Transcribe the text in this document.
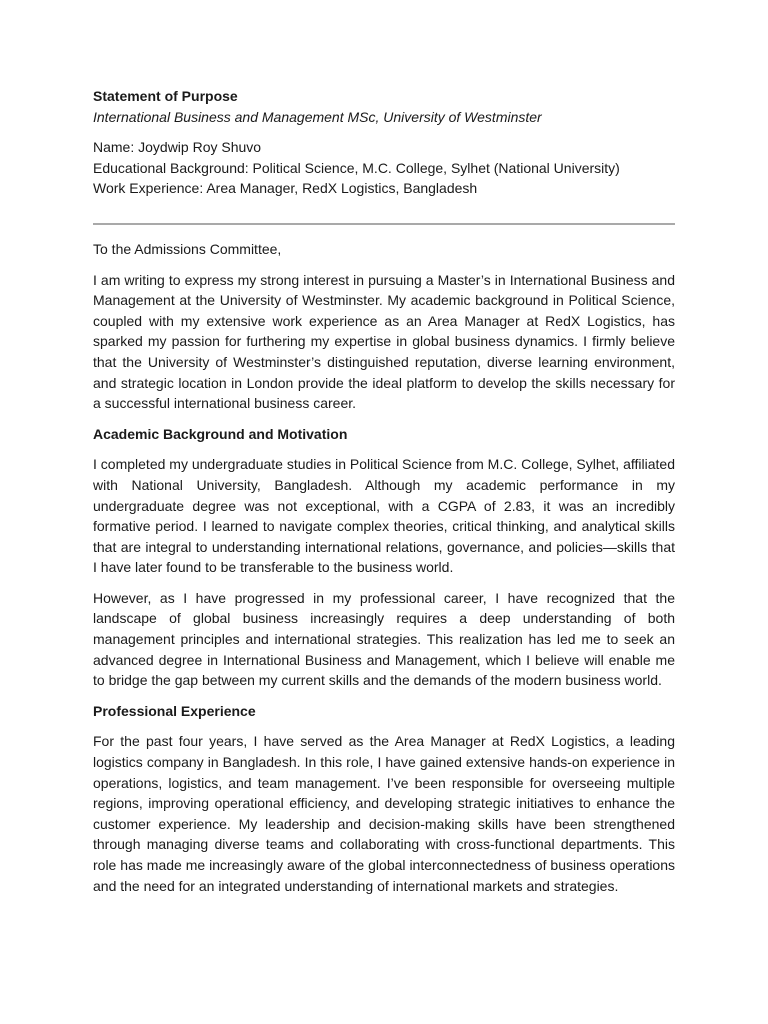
Statement of Purpose

International Business and Management MSc, University of Westminster

Name: Joydwip Roy Shuvo

Educational Background: Political Science, M.C. College, Sylhet (National University)

Work Experience: Area Manager, RedX Logistics, Bangladesh

To the Admissions Committee,

I am writing to express my strong interest in pursuing a Master’s in International Business and Management at the University of Westminster. My academic background in Political Science, coupled with my extensive work experience as an Area Manager at RedX Logistics, has sparked my passion for furthering my expertise in global business dynamics. I firmly believe that the University of Westminster’s distinguished reputation, diverse learning environment, and strategic location in London provide the ideal platform to develop the skills necessary for a successful international business career.

Academic Background and Motivation

I completed my undergraduate studies in Political Science from M.C. College, Sylhet, affiliated with National University, Bangladesh. Although my academic performance in my undergraduate degree was not exceptional, with a CGPA of 2.83, it was an incredibly formative period. I learned to navigate complex theories, critical thinking, and analytical skills that are integral to understanding international relations, governance, and policies—skills that I have later found to be transferable to the business world.

However, as I have progressed in my professional career, I have recognized that the landscape of global business increasingly requires a deep understanding of both management principles and international strategies. This realization has led me to seek an advanced degree in International Business and Management, which I believe will enable me to bridge the gap between my current skills and the demands of the modern business world.

Professional Experience

For the past four years, I have served as the Area Manager at RedX Logistics, a leading logistics company in Bangladesh. In this role, I have gained extensive hands-on experience in operations, logistics, and team management. I’ve been responsible for overseeing multiple regions, improving operational efficiency, and developing strategic initiatives to enhance the customer experience. My leadership and decision-making skills have been strengthened through managing diverse teams and collaborating with cross-functional departments. This role has made me increasingly aware of the global interconnectedness of business operations and the need for an integrated understanding of international markets and strategies.
